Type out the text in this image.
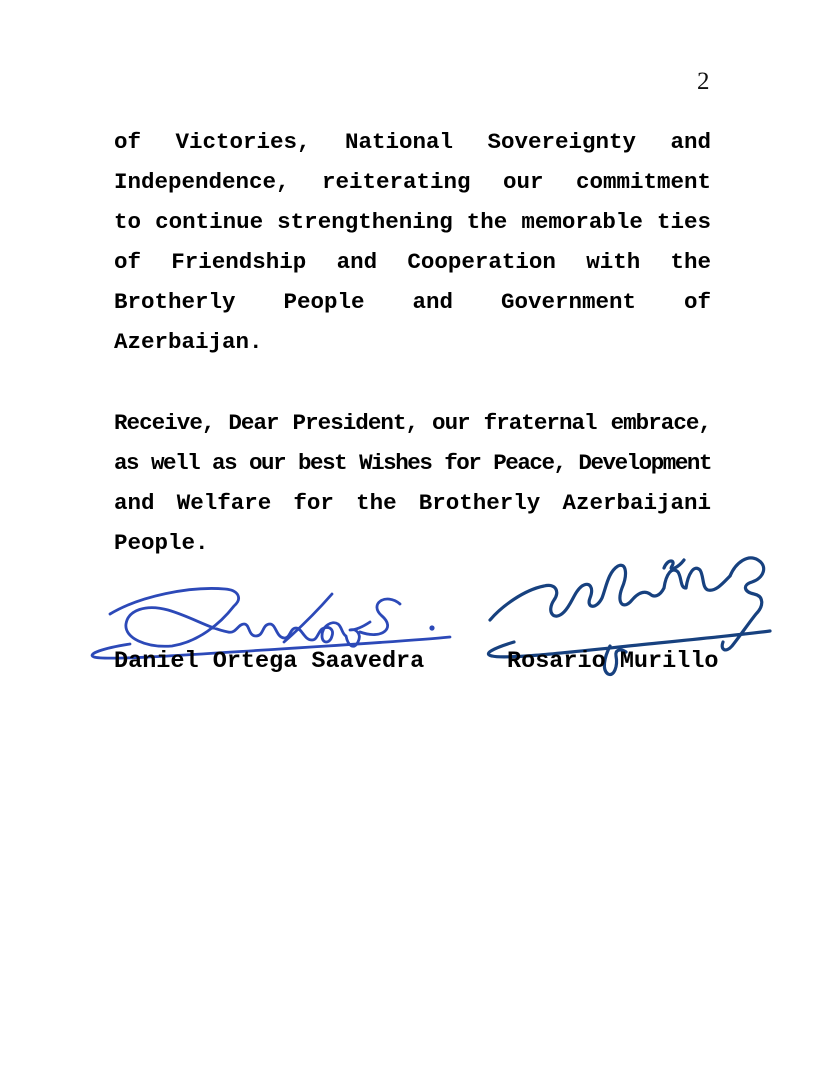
2
of Victories, National Sovereignty and
Independence, reiterating our commitment
to continue strengthening the memorable ties
of Friendship and Cooperation with the
Brotherly People and Government of
Azerbaijan.
Receive, Dear President, our fraternal embrace,
as well as our best Wishes for Peace, Development
and Welfare for the Brotherly Azerbaijani
People.
Daniel Ortega Saavedra	Rosario Murillo
